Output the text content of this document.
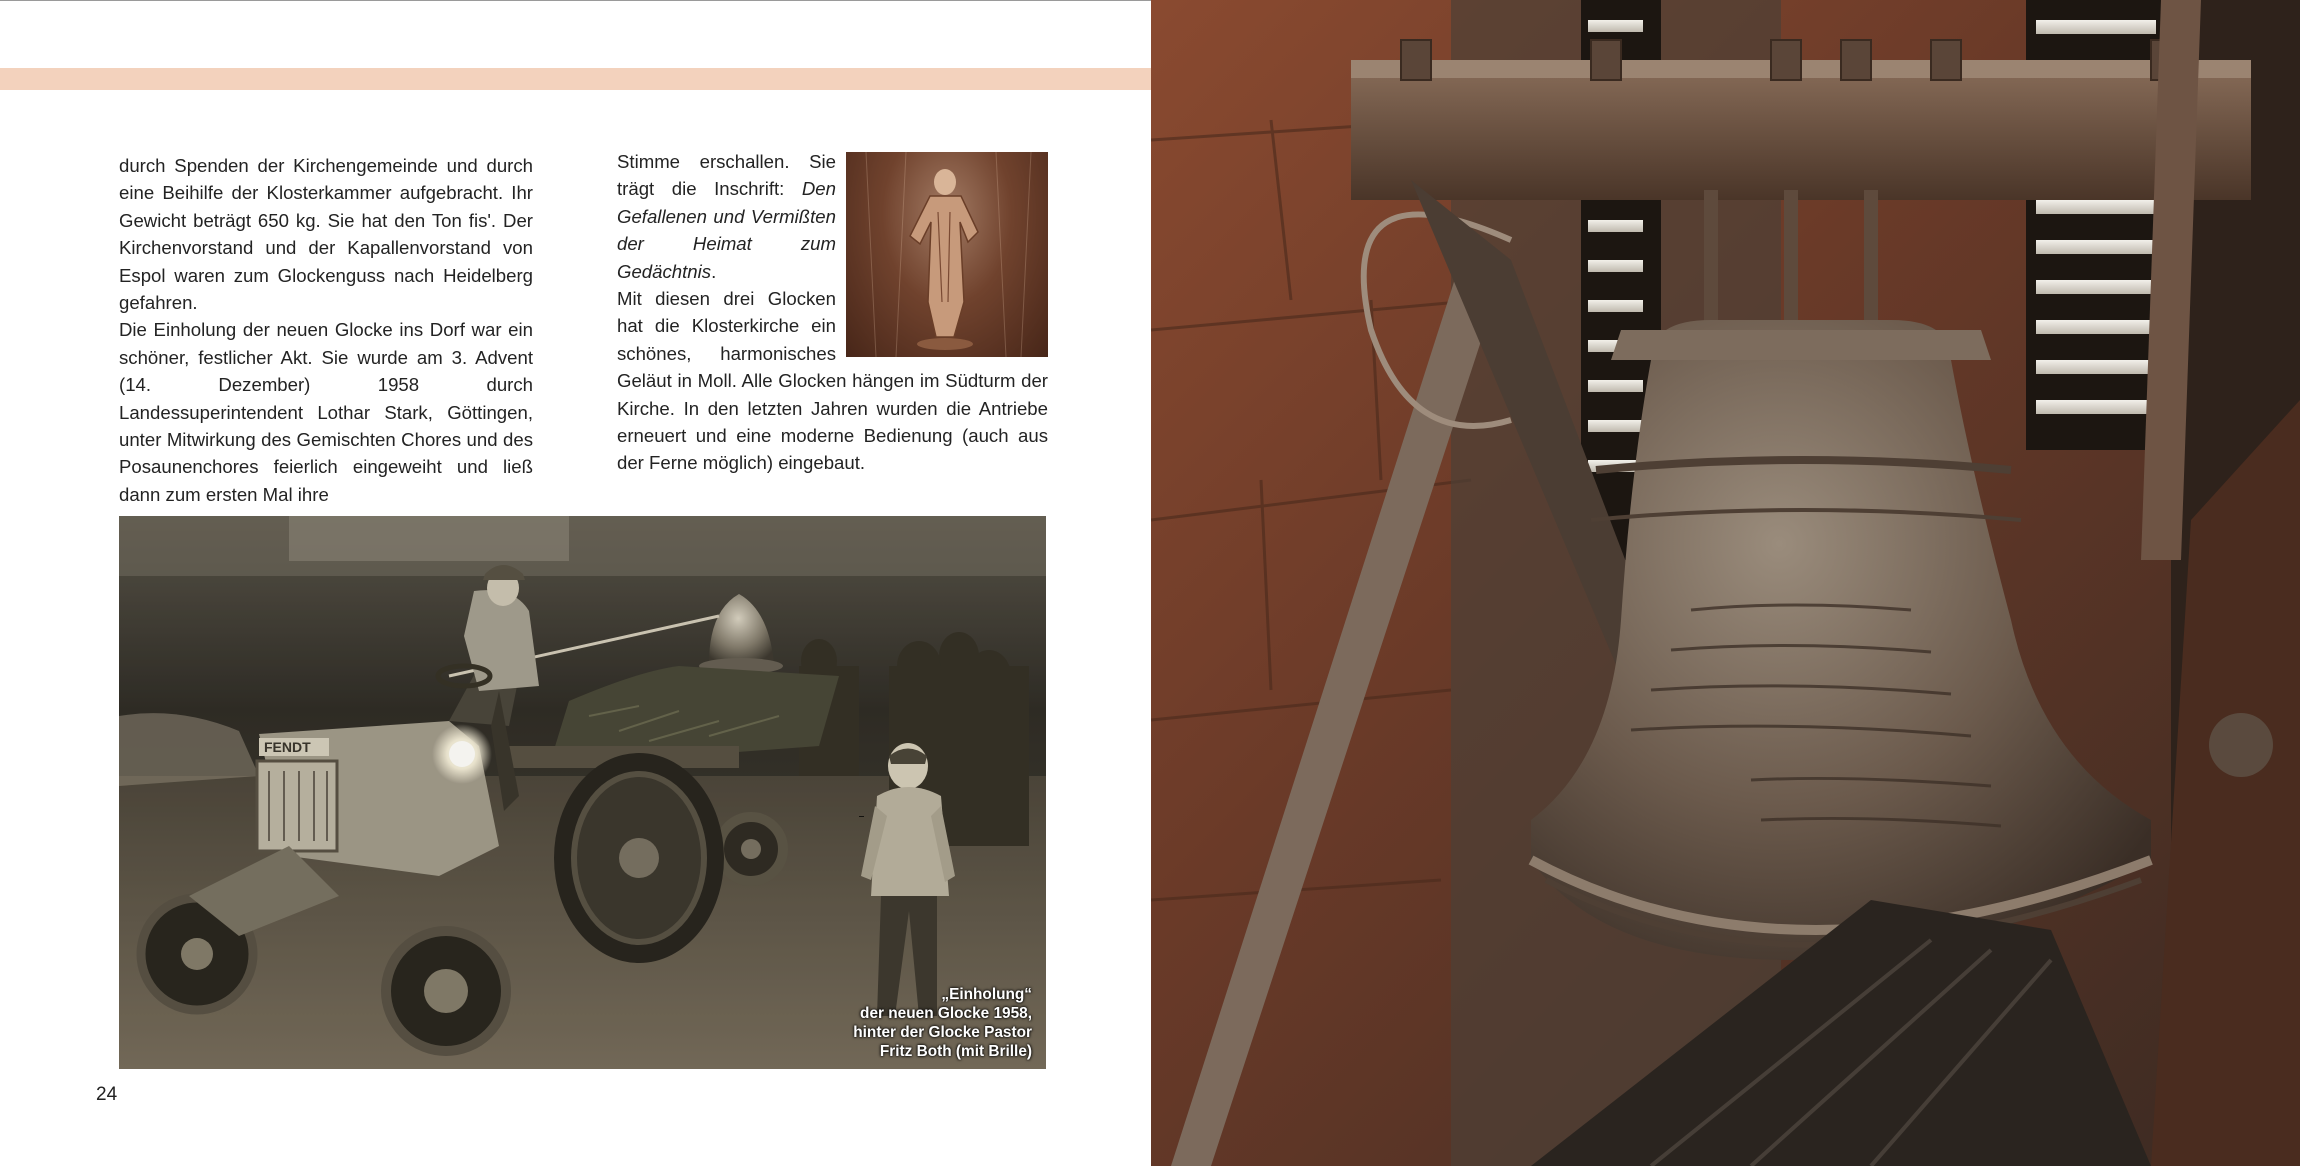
durch Spenden der Kirchengemeinde und durch eine Beihilfe der Klosterkammer aufgebracht. Ihr Gewicht beträgt 650 kg. Sie hat den Ton fis'. Der Kirchenvorstand und der Kapallenvorstand von Espol waren zum Glockenguss nach Heidelberg gefahren.

Die Einholung der neuen Glocke ins Dorf war ein schöner, festlicher Akt. Sie wurde am 3. Advent (14. Dezember) 1958 durch Landessuperintendent Lothar Stark, Göttingen, unter Mitwirkung des Gemischten Chores und des Posaunenchores feierlich eingeweiht und ließ dann zum ersten Mal ihre

Stimme erschallen. Sie trägt die Inschrift: Den Gefallenen und Vermißten der Heimat zum Gedächtnis.

Mit diesen drei Glocken hat die Klosterkirche ein schönes, harmonisches Geläut in Moll. Alle Glocken hängen im Südturm der Kirche. In den letzten Jahren wurden die Antriebe erneuert und eine moderne Bedienung (auch aus der Ferne möglich) eingebaut.

FENDT
„Einholung“
der neuen Glocke 1958,
hinter der Glocke Pastor
Fritz Both (mit Brille)
24
